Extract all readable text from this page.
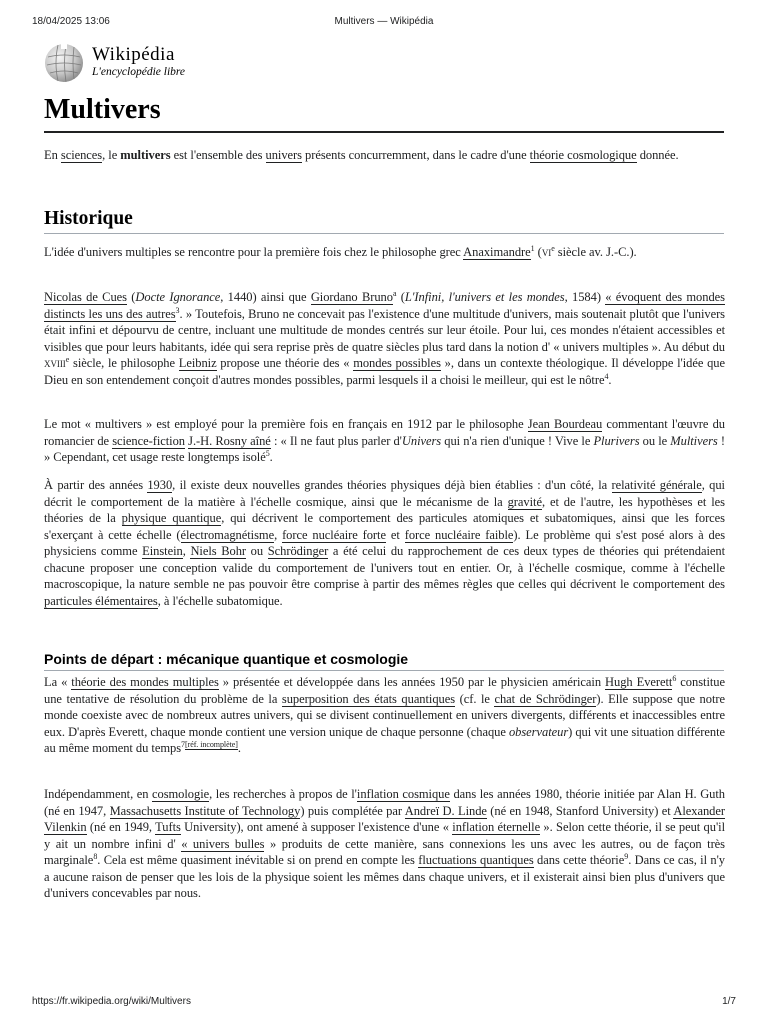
18/04/2025 13:06	Multivers — Wikipédia
Wikipédia
L'encyclopédie libre
Multivers

En sciences, le multivers est l'ensemble des univers présents concurremment, dans le cadre d'une théorie cosmologique donnée.

Historique

L'idée d'univers multiples se rencontre pour la première fois chez le philosophe grec Anaximandre$^1$ ($vi^e$ siècle av. J.-C.).

Nicolas de Cues (Docte Ignorance, 1440) ainsi que Giordano Bruno$^a$ (L'Infini, l'univers et les mondes, 1584) « évoquent des mondes distincts les uns des autres$^3$. » Toutefois, Bruno ne concevait pas l'existence d'une multitude d'univers, mais soutenait plutôt que l'univers était infini et dépourvu de centre, incluant une multitude de mondes centrés sur leur étoile. Pour lui, ces mondes n'étaient accessibles et visibles que pour leurs habitants, idée qui sera reprise près de quatre siècles plus tard dans la notion d' « univers multiples ». Au début du xviii$^e$ siècle, le philosophe Leibniz propose une théorie des « mondes possibles », dans un contexte théologique. Il développe l'idée que Dieu en son entendement conçoit d'autres mondes possibles, parmi lesquels il a choisi le meilleur, qui est le nôtre$^4$.

Le mot « multivers » est employé pour la première fois en français en 1912 par le philosophe Jean Bourdeau commentant l'œuvre du romancier de science-fiction J.-H. Rosny aîné : « Il ne faut plus parler d'Univers qui n'a rien d'unique ! Vive le Plurivers ou le Multivers ! » Cependant, cet usage reste longtemps isolé$^5$.

À partir des années 1930, il existe deux nouvelles grandes théories physiques déjà bien établies : d'un côté, la relativité générale, qui décrit le comportement de la matière à l'échelle cosmique, ainsi que le mécanisme de la gravité, et de l'autre, les hypothèses et les théories de la physique quantique, qui décrivent le comportement des particules atomiques et subatomiques, ainsi que les forces s'exerçant à cette échelle (électromagnétisme, force nucléaire forte et force nucléaire faible). Le problème qui s'est posé alors à des physiciens comme Einstein, Niels Bohr ou Schrödinger a été celui du rapprochement de ces deux types de théories qui prétendaient chacune proposer une conception valide du comportement de l'univers tout en entier. Or, à l'échelle cosmique, comme à l'échelle macroscopique, la nature semble ne pas pouvoir être comprise à partir des mêmes règles que celles qui décrivent le comportement des particules élémentaires, à l'échelle subatomique.

Points de départ : mécanique quantique et cosmologie

La « théorie des mondes multiples » présentée et développée dans les années 1950 par le physicien américain Hugh Everett$^6$ constitue une tentative de résolution du problème de la superposition des états quantiques (cf. le chat de Schrödinger). Elle suppose que notre monde coexiste avec de nombreux autres univers, qui se divisent continuellement en univers divergents, différents et inaccessibles entre eux. D'après Everett, chaque monde contient une version unique de chaque personne (chaque observateur) qui vit une situation différente au même moment du temps$^{7[réf. incomplète]}$.

Indépendamment, en cosmologie, les recherches à propos de l'inflation cosmique dans les années 1980, théorie initiée par Alan H. Guth (né en 1947, Massachusetts Institute of Technology) puis complétée par Andreï D. Linde (né en 1948, Stanford University) et Alexander Vilenkin (né en 1949, Tufts University), ont amené à supposer l'existence d'une « inflation éternelle ». Selon cette théorie, il se peut qu'il y ait un nombre infini d' « univers bulles » produits de cette manière, sans connexions les uns avec les autres, ou de façon très marginale$^8$. Cela est même quasiment inévitable si on prend en compte les fluctuations quantiques dans cette théorie$^9$. Dans ce cas, il n'y a aucune raison de penser que les lois de la physique soient les mêmes dans chaque univers, et il existerait ainsi bien plus d'univers que d'univers concevables par nous.

https://fr.wikipedia.org/wiki/Multivers	1/7
